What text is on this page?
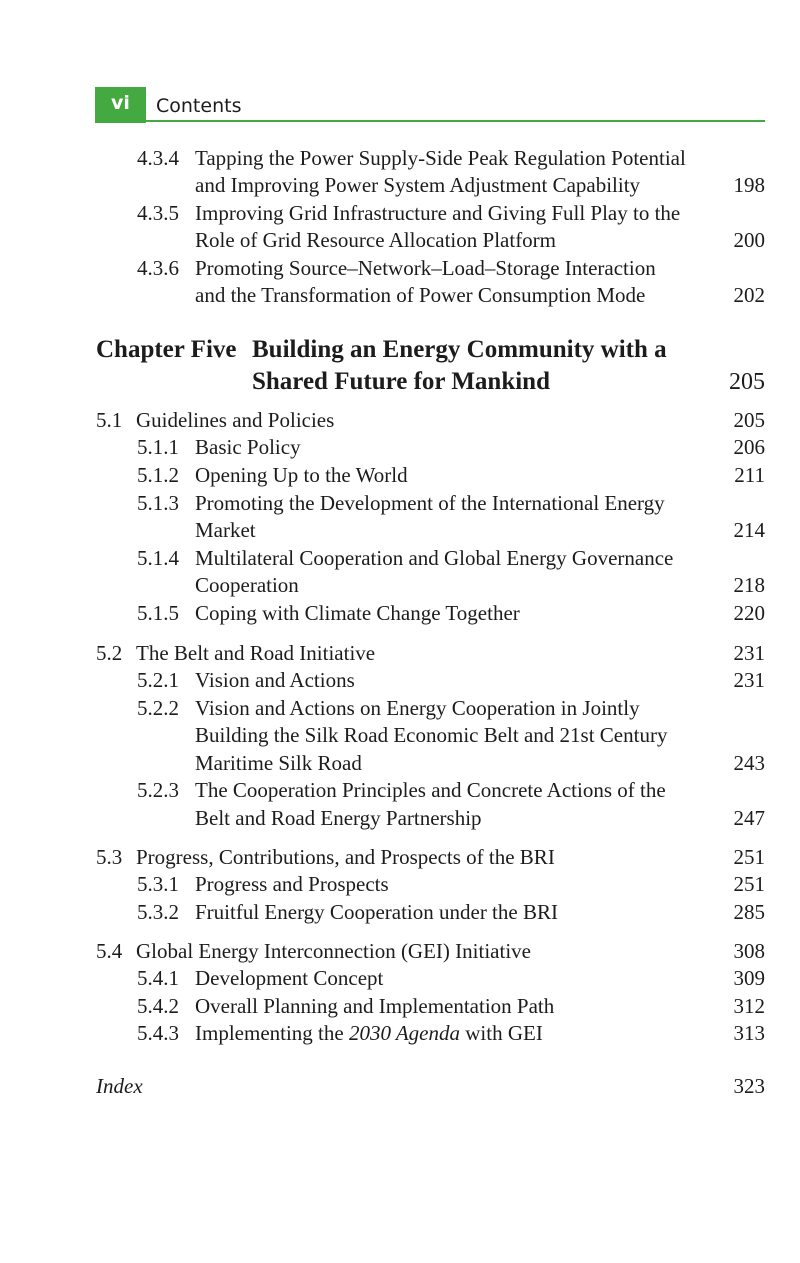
vi	Contents
4.3.4 Tapping the Power Supply-Side Peak Regulation Potential
and Improving Power System Adjustment Capability	198
4.3.5 Improving Grid Infrastructure and Giving Full Play to the
Role of Grid Resource Allocation Platform	200
4.3.6 Promoting Source–Network–Load–Storage Interaction
and the Transformation of Power Consumption Mode	202
Chapter Five Building an Energy Community with a
Shared Future for Mankind	205
5.1 Guidelines and Policies	205
5.1.1 Basic Policy	206
5.1.2 Opening Up to the World	211
5.1.3 Promoting the Development of the International Energy
Market	214
5.1.4 Multilateral Cooperation and Global Energy Governance
Cooperation	218
5.1.5 Coping with Climate Change Together	220
5.2 The Belt and Road Initiative	231
5.2.1 Vision and Actions	231
5.2.2 Vision and Actions on Energy Cooperation in Jointly
Building the Silk Road Economic Belt and 21st Century
Maritime Silk Road	243
5.2.3 The Cooperation Principles and Concrete Actions of the
Belt and Road Energy Partnership	247
5.3 Progress, Contributions, and Prospects of the BRI	251
5.3.1 Progress and Prospects	251
5.3.2 Fruitful Energy Cooperation under the BRI	285
5.4 Global Energy Interconnection (GEI) Initiative	308
5.4.1 Development Concept	309
5.4.2 Overall Planning and Implementation Path	312
5.4.3 Implementing the 2030 Agenda with GEI	313
Index	323
